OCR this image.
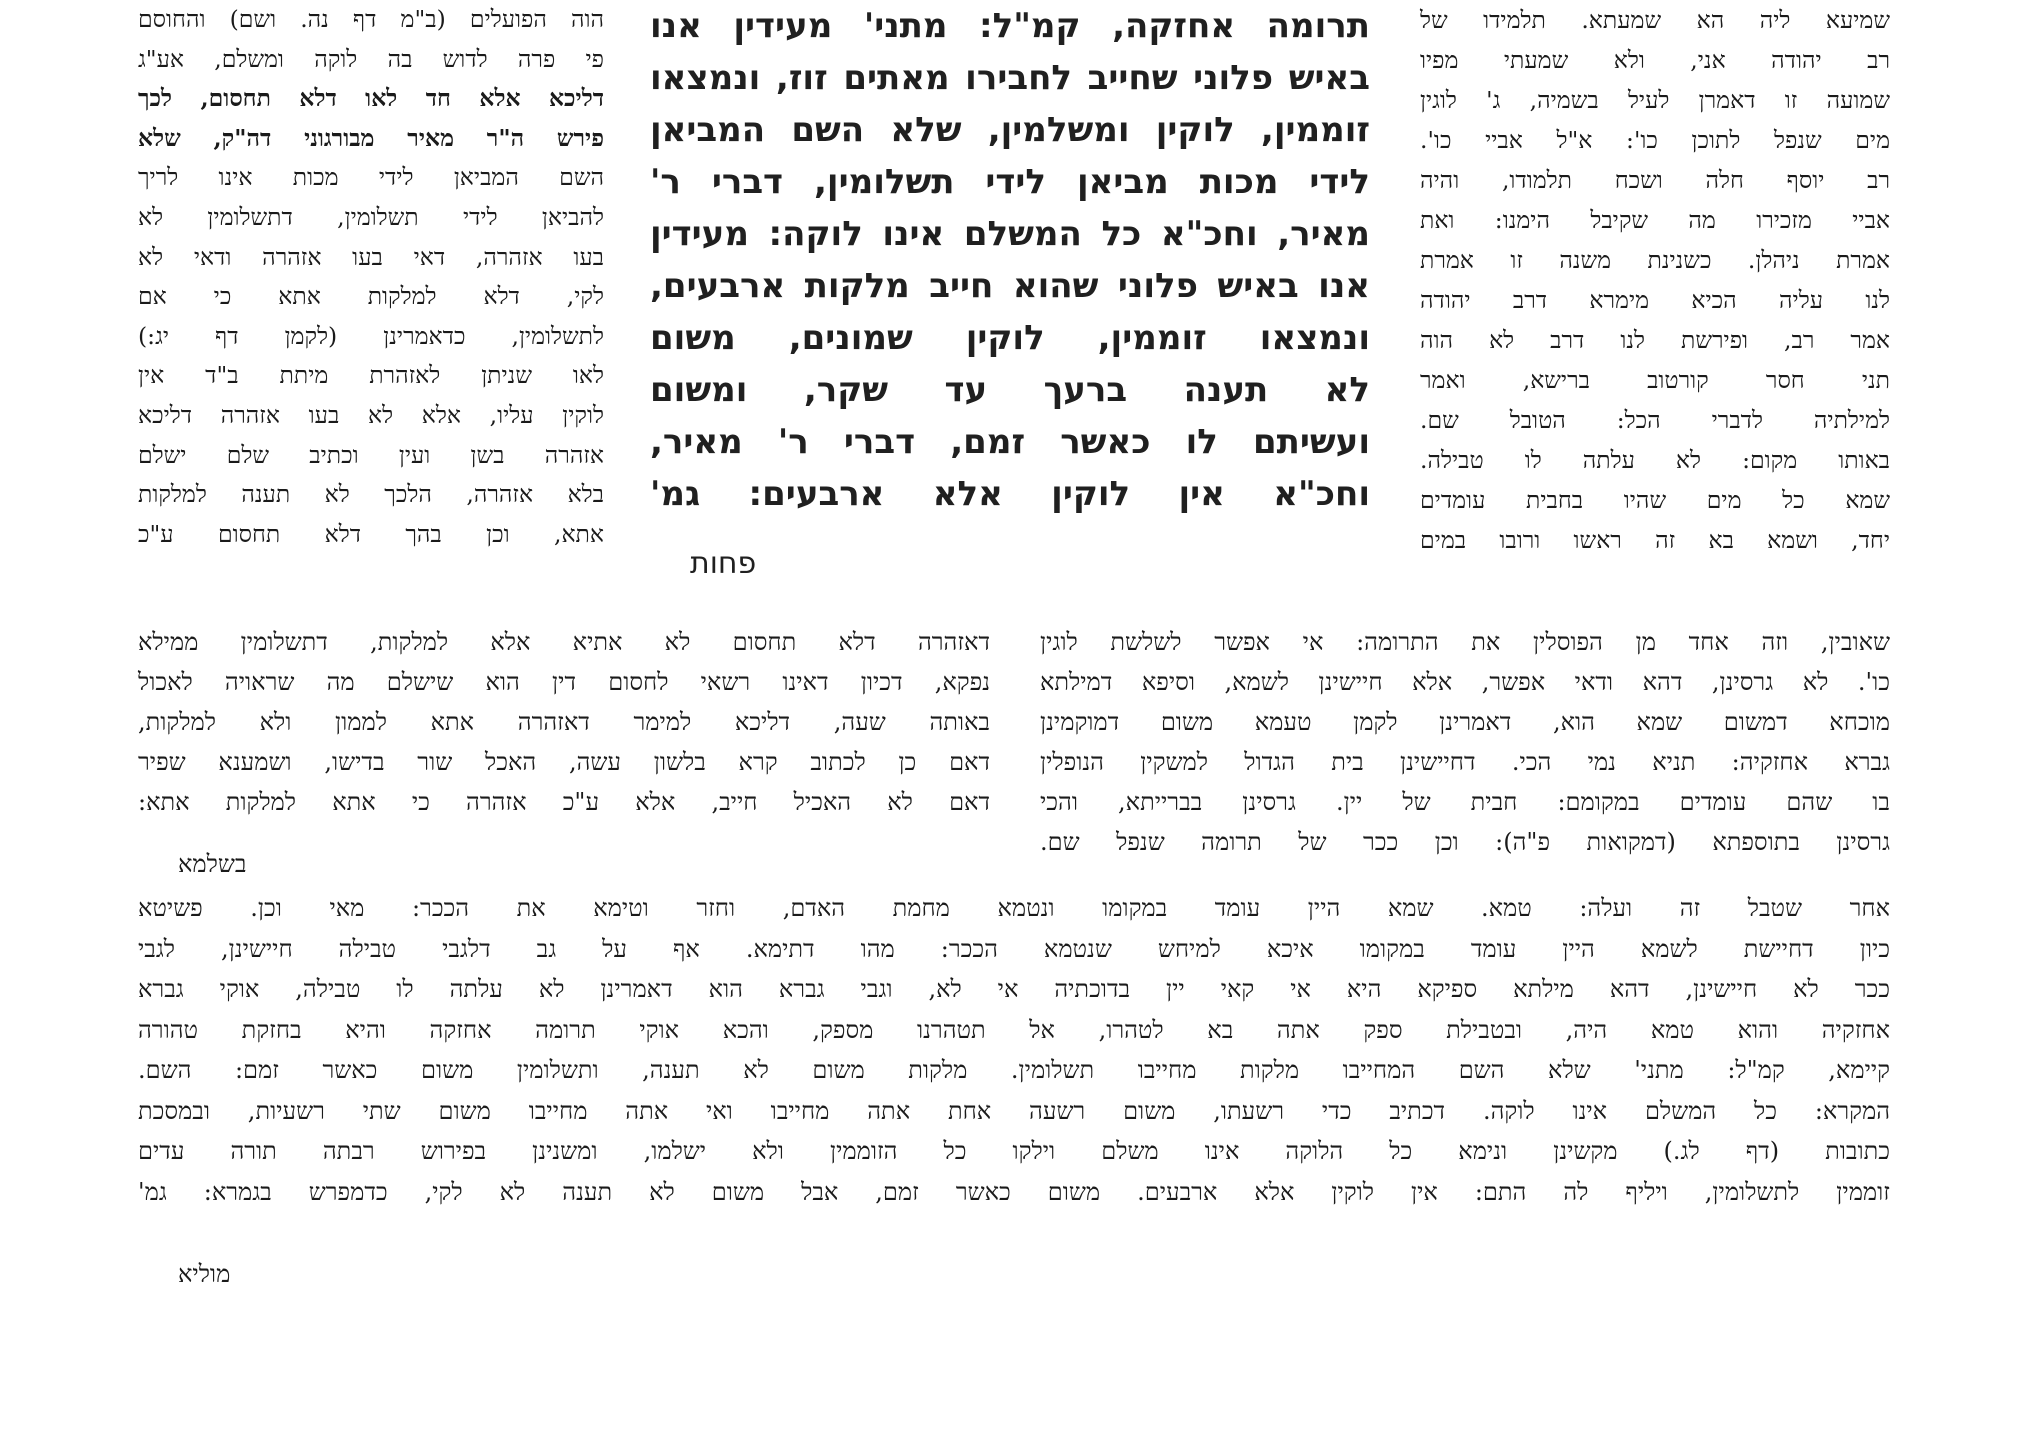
הוה הפועלים (ב"מ דף נה. ושם) והחוסם
פי פרה לדוש בה לוקה ומשלם, אע"ג
דליכא אלא חד לאו דלא תחסום, לכך
פירש ה"ר מאיר מבורגוני דה"ק, שלא
השם המביאן לידי מכות אינו לריך
להביאן לידי תשלומין, דתשלומין לא
בעו אזהרה, דאי בעו אזהרה ודאי לא
לקי, דלא למלקות אתא כי אם
לתשלומין, כדאמרינן (לקמן דף יג:)
לאו שניתן לאזהרת מיתת ב"ד אין
לוקין עליו, אלא לא בעו אזהרה דליכא
אזהרה בשן ועין וכתיב שלם ישלם
בלא אזהרה, הלכך לא תענה למלקות
אתא, וכן בהך דלא תחסום ע"כ
תרומה אחזקה, קמ"ל: מתני' מעידין אנו
באיש פלוני שחייב לחבירו מאתים זוז, ונמצאו
זוממין, לוקין ומשלמין, שלא השם המביאן
לידי מכות מביאן לידי תשלומין, דברי ר'
מאיר, וחכ"א כל המשלם אינו לוקה: מעידין
אנו באיש פלוני שהוא חייב מלקות ארבעים,
ונמצאו זוממין, לוקין שמונים, משום
לא תענה ברעך עד שקר, ומשום
ועשיתם לו כאשר זמם, דברי ר' מאיר,
וחכ"א אין לוקין אלא ארבעים: גמ'
פחות
שמיעא ליה הא שמעתא. תלמידו של
רב יהודה אני, ולא שמעתי מפיו
שמועה זו דאמרן לעיל בשמיה, ג' לוגין
מים שנפל לתוכן כו': א"ל אביי כו'.
רב יוסף חלה ושכח תלמודו, והיה
אביי מזכירו מה שקיבל הימנו: ואת
אמרת ניהלן. כשנינת משנה זו אמרת
לנו עליה הכיא מימרא דרב יהודה
אמר רב, ופירשת לנו דרב לא הוה
תני חסר קורטוב ברישא, ואמר
למילתיה לדברי הכל: הטובל שם.
באותו מקום: לא עלתה לו טבילה.
שמא כל מים שהיו בחבית עומדים
יחד, ושמא בא זה ראשו ורובו במים
דאזהרה דלא תחסום לא אתיא אלא למלקות, דתשלומין ממילא
נפקא, דכיון דאינו רשאי לחסום דין הוא שישלם מה שראויה לאכול
באותה שעה, דליכא למימר דאזהרה אתא לממון ולא למלקות,
דאם כן לכתוב קרא בלשון עשה, האכל שור בדישו, ושמענא שפיר
דאם לא האכיל חייב, אלא ע"כ אזהרה כי אתא למלקות אתא:
בשלמא
שאובין, וזה אחד מן הפוסלין את התרומה: אי אפשר לשלשת לוגין
כו'. לא גרסינן, דהא ודאי אפשר, אלא חיישינן לשמא, וסיפא דמילתא
מוכחא דמשום שמא הוא, דאמרינן לקמן טעמא משום דמוקמינן
גברא אחזקיה: תניא נמי הכי. דחיישינן בית הגדול למשקין הנופלין
בו שהם עומדים במקומם: חבית של יין. גרסינן בברייתא, והכי
גרסינן בתוספתא (דמקואות פ"ה): וכן ככר של תרומה שנפל שם.
אחר שטבל זה ועלה: טמא. שמא היין עומד במקומו ונטמא מחמת האדם, וחזר וטימא את הככר: מאי וכן. פשיטא
כיון דחיישת לשמא היין עומד במקומו איכא למיחש שנטמא הככר: מהו דתימא. אף על גב דלגבי טבילה חיישינן, לגבי
ככר לא חיישינן, דהא מילתא ספיקא היא אי קאי יין בדוכתיה אי לא, וגבי גברא הוא דאמרינן לא עלתה לו טבילה, אוקי גברא
אחזקיה והוא טמא היה, ובטבילת ספק אתה בא לטהרו, אל תטהרנו מספק, והכא אוקי תרומה אחזקה והיא בחזקת טהורה
קיימא, קמ"ל: מתני' שלא השם המחייבו מלקות מחייבו תשלומין. מלקות משום לא תענה, ותשלומין משום כאשר זמם: השם.
המקרא: כל המשלם אינו לוקה. דכתיב כדי רשעתו, משום רשעה אחת אתה מחייבו ואי אתה מחייבו משום שתי רשעיות, ובמסכת
כתובות (דף לג.) מקשינן ונימא כל הלוקה אינו משלם וילקו כל הזוממין ולא ישלמו, ומשנינן בפירוש רבתה תורה עדים
זוממין לתשלומין, ויליף לה התם: אין לוקין אלא ארבעים. משום כאשר זמם, אבל משום לא תענה לא לקי, כדמפרש בגמרא: גמ'
מוליא
